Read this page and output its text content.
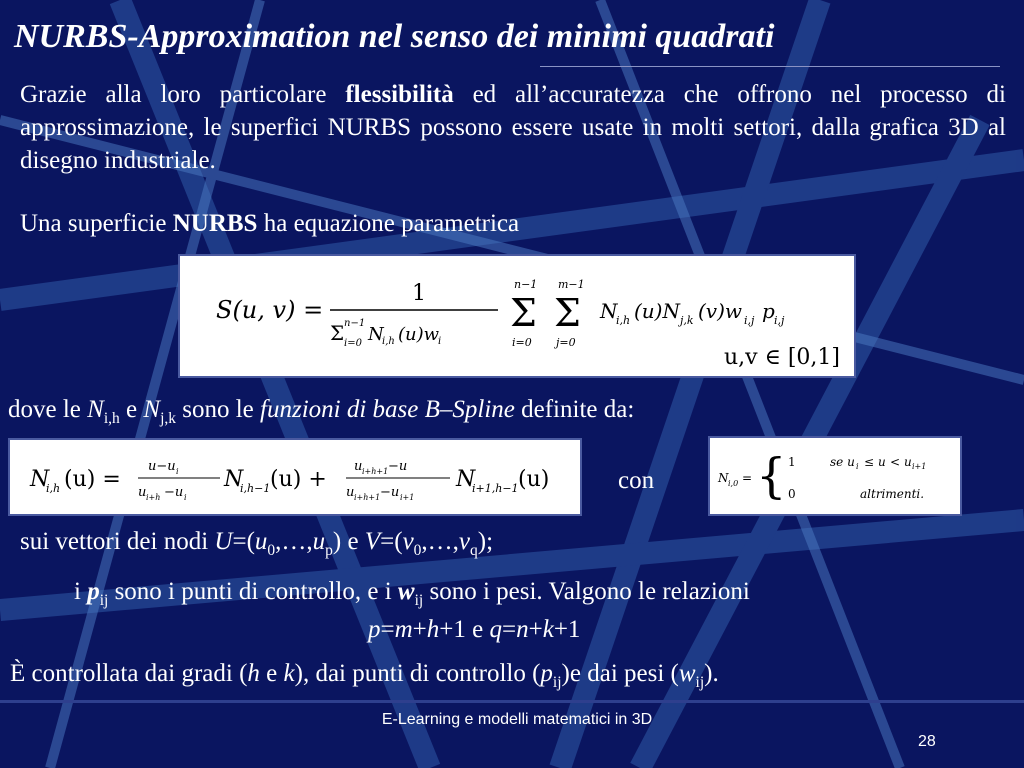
NURBS-Approximation nel senso dei minimi quadrati
Grazie alla loro particolare flessibilità ed all’accuratezza che offrono nel processo di approssimazione, le superfici NURBS possono essere usate in molti settori, dalla grafica 3D al disegno industriale.
Una superficie NURBS ha equazione parametrica
S(u, v) =
1
Σ n−1
i=0 N
i,h (u)w
i
n−1
Σ
i=0
m−1
Σ
j=0
N
i,h (u)N j,k (v)w i,j p i,j
u,v ∈ [0,1]
dove le $N_{i,h}$ e $N_{j,k}$ sono le funzioni di base B–Spline definite da:
N
i,h (u) =
u−u i
u i+h −u i
N
i,h−1 (u) +
u i+h+1 −u
u i+h+1 −u i+1
N
i+1,h−1 (u)	con	N i,0 = { 1	se u i ≤ u < u i+1
0	altrimenti.
sui vettori dei nodi $U=(u_0,\dots,u_p)$ e $V=(v_0,\dots,v_q)$;
i $p_{ij}$ sono i punti di controllo, e i $w_{ij}$ sono i pesi. Valgono le relazioni
p=m+h+1 e q=n+k+1
È controllata dai gradi (h e k), dai punti di controllo $(p_{ij})e$ dai pesi $(w_{ij})$.
E-Learning e modelli matematici in 3D
28
